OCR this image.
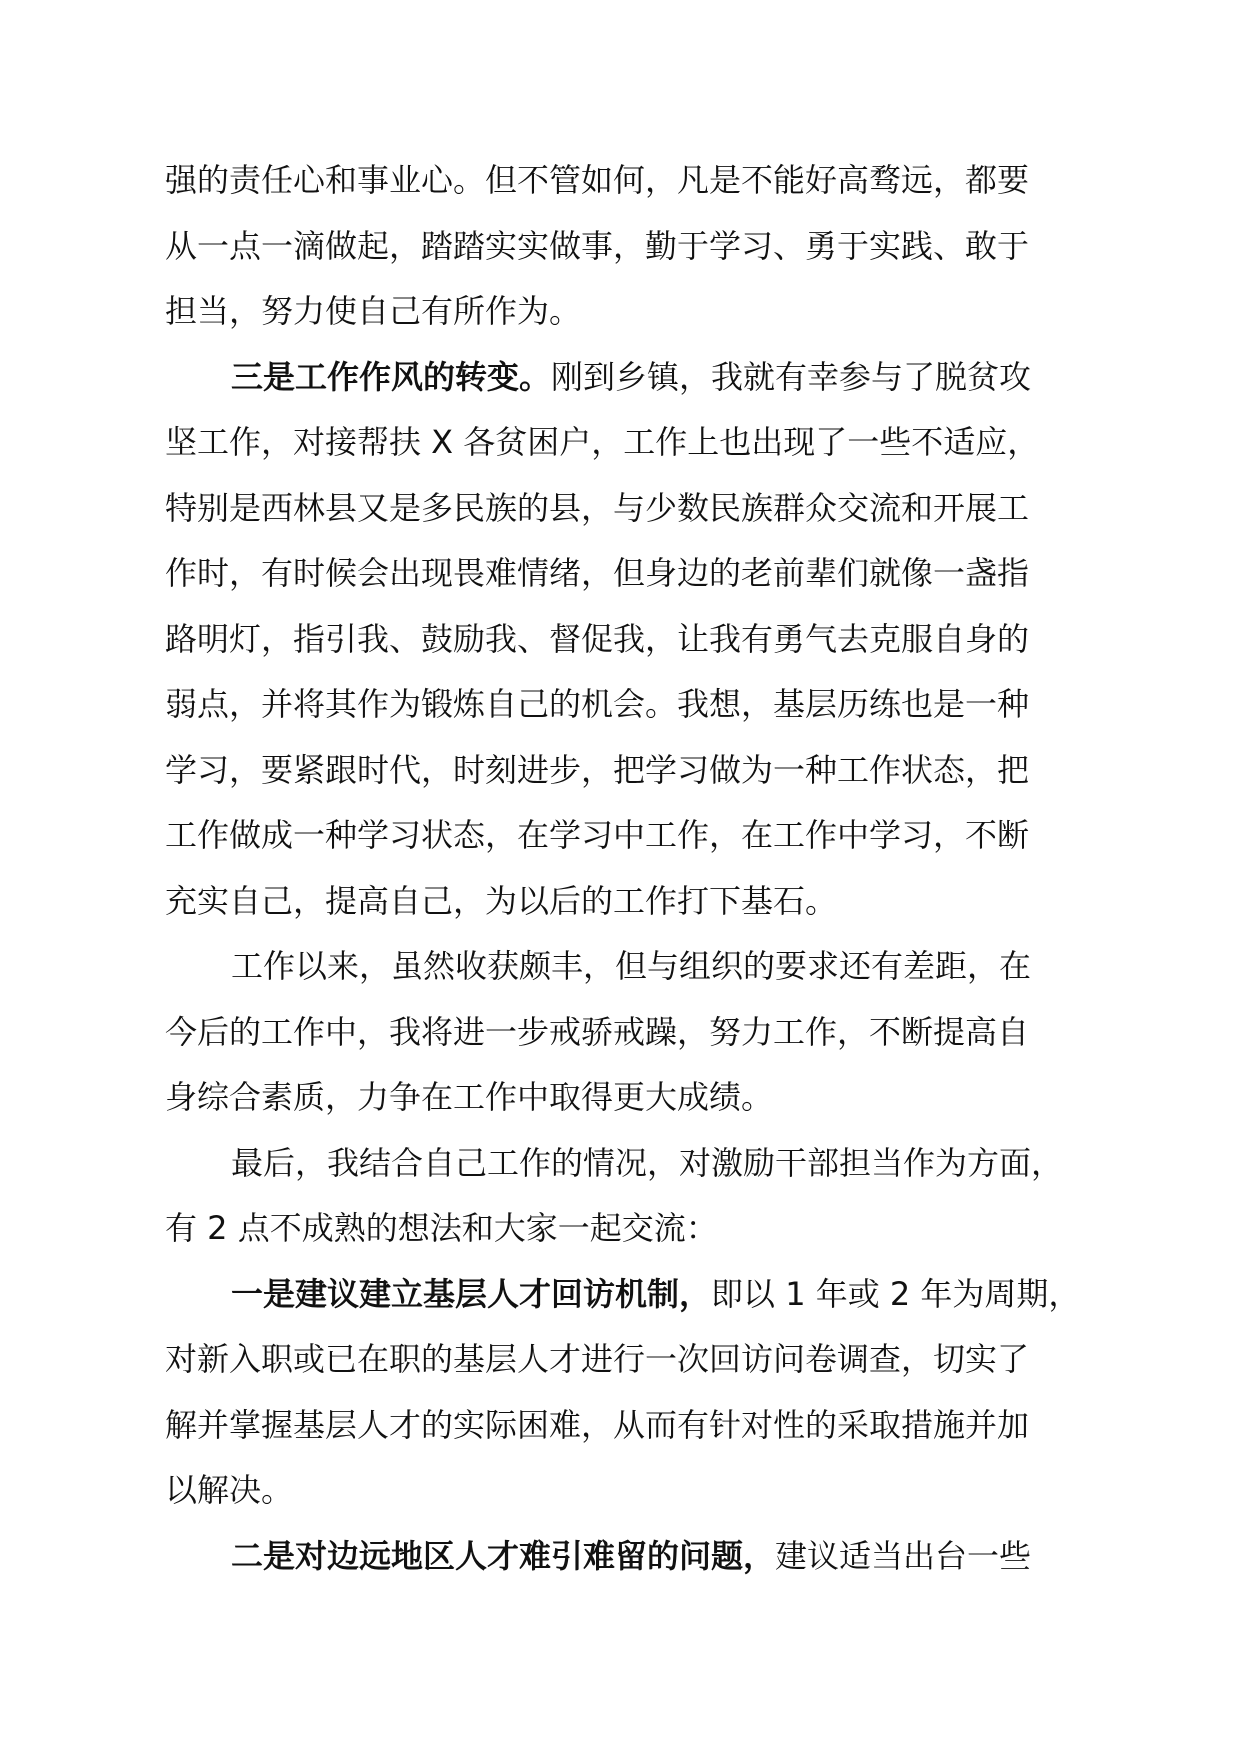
强的责任心和事业心。但不管如何，凡是不能好高骛远，都要
从一点一滴做起，踏踏实实做事，勤于学习、勇于实践、敢于
担当，努力使自己有所作为。
三是工作作风的转变。刚到乡镇，我就有幸参与了脱贫攻
坚工作，对接帮扶 X 各贫困户，工作上也出现了一些不适应，
特别是西林县又是多民族的县，与少数民族群众交流和开展工
作时，有时候会出现畏难情绪，但身边的老前辈们就像一盏指
路明灯，指引我、鼓励我、督促我，让我有勇气去克服自身的
弱点，并将其作为锻炼自己的机会。我想，基层历练也是一种
学习，要紧跟时代，时刻进步，把学习做为一种工作状态，把
工作做成一种学习状态，在学习中工作，在工作中学习，不断
充实自己，提高自己，为以后的工作打下基石。
工作以来，虽然收获颇丰，但与组织的要求还有差距，在
今后的工作中，我将进一步戒骄戒躁，努力工作，不断提高自
身综合素质，力争在工作中取得更大成绩。
最后，我结合自己工作的情况，对激励干部担当作为方面，
有 2 点不成熟的想法和大家一起交流：
一是建议建立基层人才回访机制，即以 1 年或 2 年为周期，
对新入职或已在职的基层人才进行一次回访问卷调查，切实了
解并掌握基层人才的实际困难，从而有针对性的采取措施并加
以解决。
二是对边远地区人才难引难留的问题，建议适当出台一些
